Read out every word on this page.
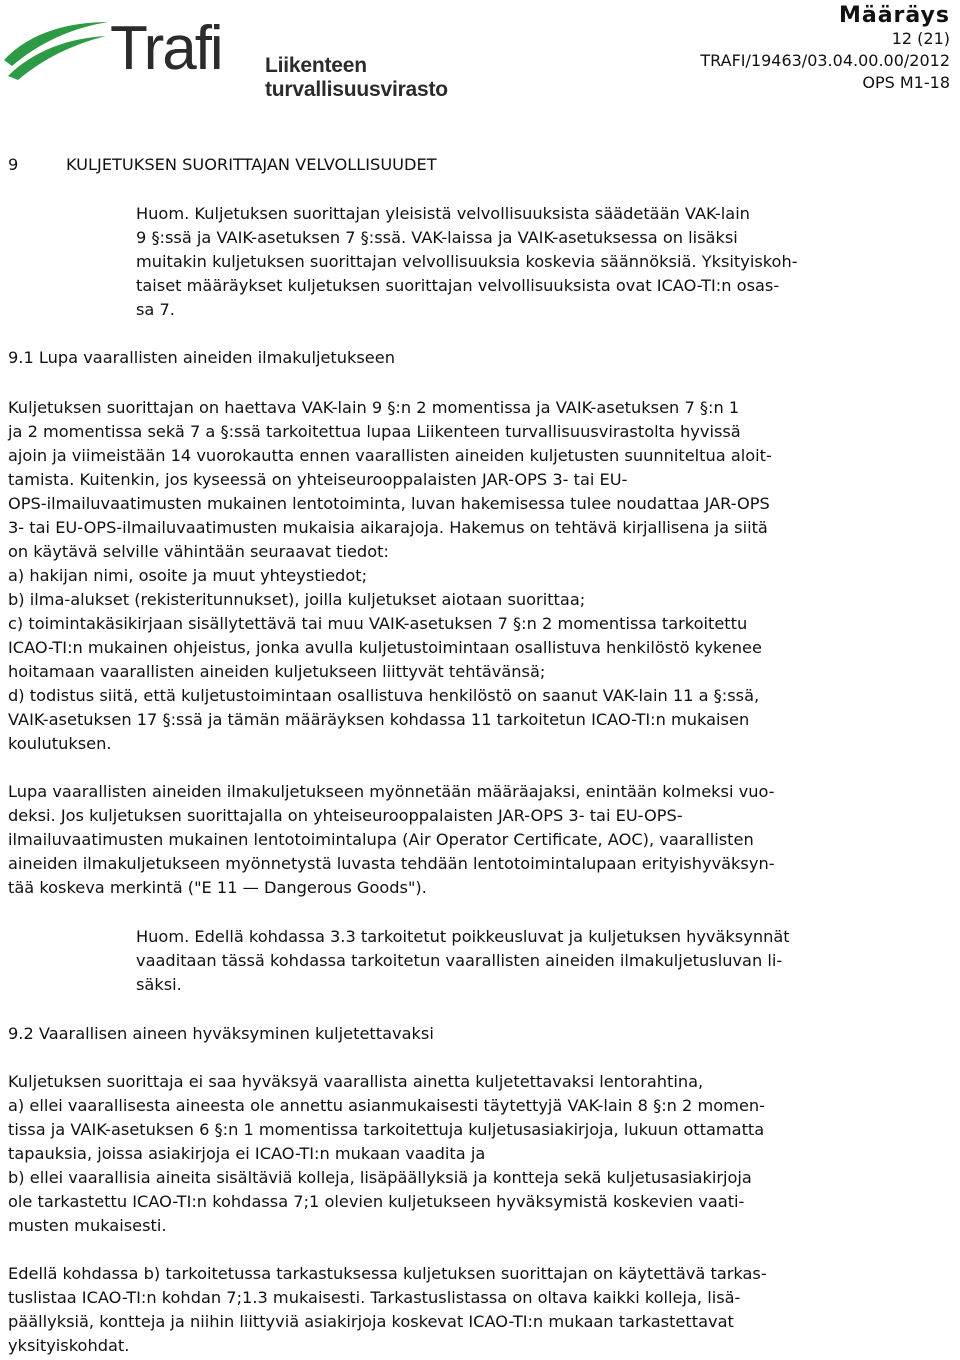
Trafi Liikenteen turvallisuusvirasto
Määräys
12 (21)
TRAFI/19463/03.04.00.00/2012
OPS M1-18
9	KULJETUKSEN SUORITTAJAN VELVOLLISUUDET

Huom. Kuljetuksen suorittajan yleisistä velvollisuuksista säädetään VAK-lain

9 §:ssä ja VAIK-asetuksen 7 §:ssä. VAK-laissa ja VAIK-asetuksessa on lisäksi

muitakin kuljetuksen suorittajan velvollisuuksia koskevia säännöksiä. Yksityiskoh-

taiset määräykset kuljetuksen suorittajan velvollisuuksista ovat ICAO-TI:n osas-

sa 7.

9.1 Lupa vaarallisten aineiden ilmakuljetukseen

Kuljetuksen suorittajan on haettava VAK-lain 9 §:n 2 momentissa ja VAIK-asetuksen 7 §:n 1

ja 2 momentissa sekä 7 a §:ssä tarkoitettua lupaa Liikenteen turvallisuusvirastolta hyvissä

ajoin ja viimeistään 14 vuorokautta ennen vaarallisten aineiden kuljetusten suunniteltua aloit-

tamista. Kuitenkin, jos kyseessä on yhteiseurooppalaisten JAR-OPS 3- tai EU-

OPS-ilmailuvaatimusten mukainen lentotoiminta, luvan hakemisessa tulee noudattaa JAR-OPS

3- tai EU-OPS-ilmailuvaatimusten mukaisia aikarajoja. Hakemus on tehtävä kirjallisena ja siitä

on käytävä selville vähintään seuraavat tiedot:

a) hakijan nimi, osoite ja muut yhteystiedot;

b) ilma-alukset (rekisteritunnukset), joilla kuljetukset aiotaan suorittaa;

c) toimintakäsikirjaan sisällytettävä tai muu VAIK-asetuksen 7 §:n 2 momentissa tarkoitettu

ICAO-TI:n mukainen ohjeistus, jonka avulla kuljetustoimintaan osallistuva henkilöstö kykenee

hoitamaan vaarallisten aineiden kuljetukseen liittyvät tehtävänsä;

d) todistus siitä, että kuljetustoimintaan osallistuva henkilöstö on saanut VAK-lain 11 a §:ssä,

VAIK-asetuksen 17 §:ssä ja tämän määräyksen kohdassa 11 tarkoitetun ICAO-TI:n mukaisen

koulutuksen.

Lupa vaarallisten aineiden ilmakuljetukseen myönnetään määräajaksi, enintään kolmeksi vuo-

deksi. Jos kuljetuksen suorittajalla on yhteiseurooppalaisten JAR-OPS 3- tai EU-OPS-

ilmailuvaatimusten mukainen lentotoimintalupa (Air Operator Certificate, AOC), vaarallisten

aineiden ilmakuljetukseen myönnetystä luvasta tehdään lentotoimintalupaan erityishyväksyn-

tää koskeva merkintä ("E 11 — Dangerous Goods").

Huom. Edellä kohdassa 3.3 tarkoitetut poikkeusluvat ja kuljetuksen hyväksynnät

vaaditaan tässä kohdassa tarkoitetun vaarallisten aineiden ilmakuljetusluvan li-

säksi.

9.2 Vaarallisen aineen hyväksyminen kuljetettavaksi

Kuljetuksen suorittaja ei saa hyväksyä vaarallista ainetta kuljetettavaksi lentorahtina,

a) ellei vaarallisesta aineesta ole annettu asianmukaisesti täytettyjä VAK-lain 8 §:n 2 momen-

tissa ja VAIK-asetuksen 6 §:n 1 momentissa tarkoitettuja kuljetusasiakirjoja, lukuun ottamatta

tapauksia, joissa asiakirjoja ei ICAO-TI:n mukaan vaadita ja

b) ellei vaarallisia aineita sisältäviä kolleja, lisäpäällyksiä ja kontteja sekä kuljetusasiakirjoja

ole tarkastettu ICAO-TI:n kohdassa 7;1 olevien kuljetukseen hyväksymistä koskevien vaati-

musten mukaisesti.

Edellä kohdassa b) tarkoitetussa tarkastuksessa kuljetuksen suorittajan on käytettävä tarkas-

tuslistaa ICAO-TI:n kohdan 7;1.3 mukaisesti. Tarkastuslistassa on oltava kaikki kolleja, lisä-

päällyksiä, kontteja ja niihin liittyviä asiakirjoja koskevat ICAO-TI:n mukaan tarkastettavat

yksityiskohdat.
